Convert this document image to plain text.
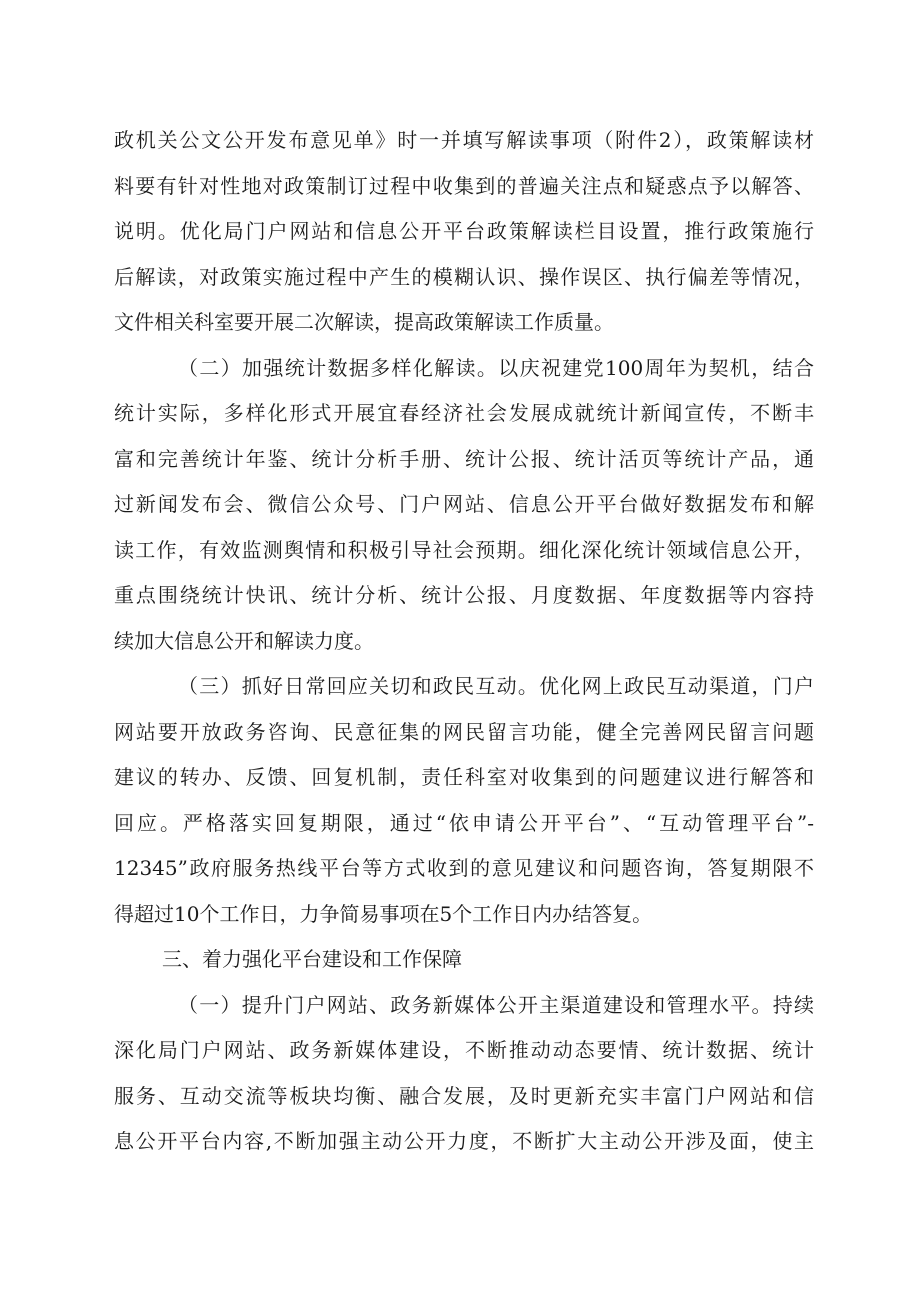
政机关公文公开发布意见单》时一并填写解读事项（附件2），政策解读材
料要有针对性地对政策制订过程中收集到的普遍关注点和疑惑点予以解答、
说明。优化局门户网站和信息公开平台政策解读栏目设置，推行政策施行
后解读，对政策实施过程中产生的模糊认识、操作误区、执行偏差等情况，
文件相关科室要开展二次解读，提高政策解读工作质量。
（二）加强统计数据多样化解读。以庆祝建党100周年为契机，结合
统计实际，多样化形式开展宜春经济社会发展成就统计新闻宣传，不断丰
富和完善统计年鉴、统计分析手册、统计公报、统计活页等统计产品，通
过新闻发布会、微信公众号、门户网站、信息公开平台做好数据发布和解
读工作，有效监测舆情和积极引导社会预期。细化深化统计领域信息公开，
重点围绕统计快讯、统计分析、统计公报、月度数据、年度数据等内容持
续加大信息公开和解读力度。
（三）抓好日常回应关切和政民互动。优化网上政民互动渠道，门户
网站要开放政务咨询、民意征集的网民留言功能，健全完善网民留言问题
建议的转办、反馈、回复机制，责任科室对收集到的问题建议进行解答和
回应。严格落实回复期限，通过“依申请公开平台”、“互动管理平台”-
12345”政府服务热线平台等方式收到的意见建议和问题咨询，答复期限不
得超过10个工作日，力争简易事项在5个工作日内办结答复。
三、着力强化平台建设和工作保障
（一）提升门户网站、政务新媒体公开主渠道建设和管理水平。持续
深化局门户网站、政务新媒体建设，不断推动动态要情、统计数据、统计
服务、互动交流等板块均衡、融合发展，及时更新充实丰富门户网站和信
息公开平台内容,不断加强主动公开力度，不断扩大主动公开涉及面，使主
